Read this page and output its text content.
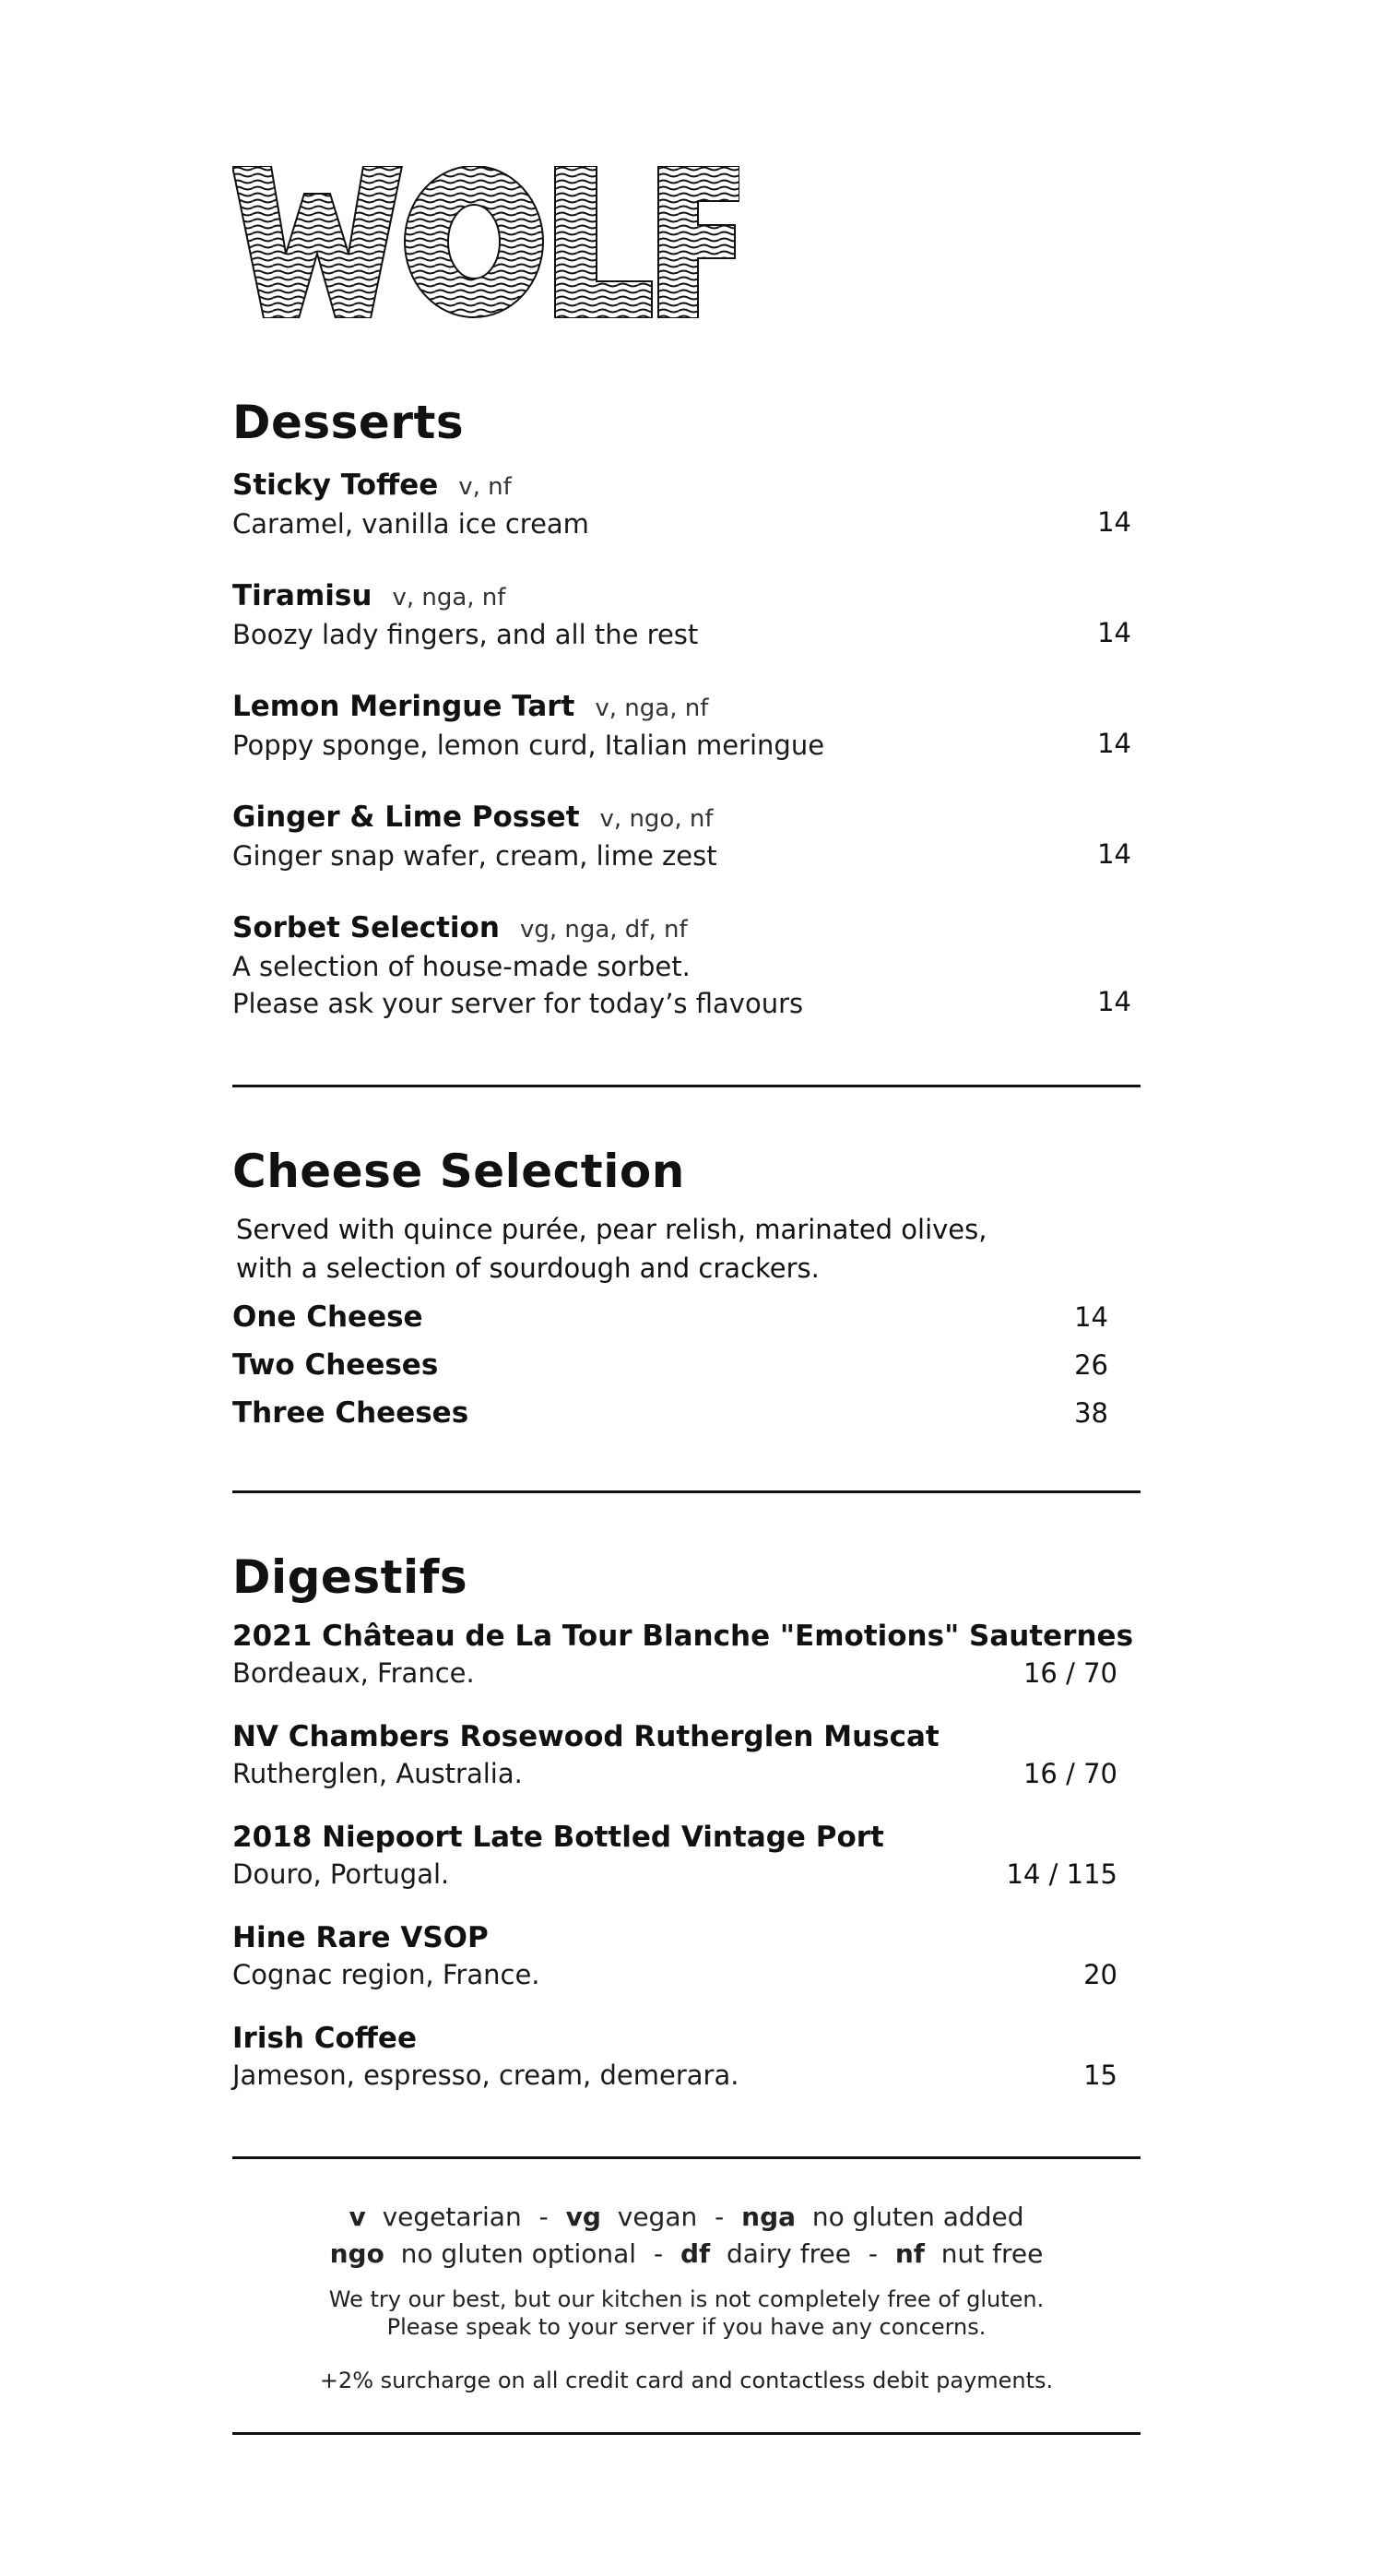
Desserts
Sticky Toffee v, nf
Caramel, vanilla ice cream	14
Tiramisu v, nga, nf
Boozy lady fingers, and all the rest	14
Lemon Meringue Tart v, nga, nf
Poppy sponge, lemon curd, Italian meringue	14
Ginger & Lime Posset v, ngo, nf
Ginger snap wafer, cream, lime zest	14
Sorbet Selection vg, nga, df, nf
A selection of house-made sorbet.
Please ask your server for today’s flavours	14
Cheese Selection
Served with quince purée, pear relish, marinated olives,
with a selection of sourdough and crackers.
One Cheese	14
Two Cheeses	26
Three Cheeses	38
Digestifs
2021 Château de La Tour Blanche "Emotions" Sauternes
Bordeaux, France.	16 / 70
NV Chambers Rosewood Rutherglen Muscat
Rutherglen, Australia.	16 / 70
2018 Niepoort Late Bottled Vintage Port
Douro, Portugal.	14 / 115
Hine Rare VSOP
Cognac region, France.	20
Irish Coffee
Jameson, espresso, cream, demerara.	15
v vegetarian - vg vegan - nga no gluten added
ngo no gluten optional - df dairy free - nf nut free
We try our best, but our kitchen is not completely free of gluten.
Please speak to your server if you have any concerns.
+2% surcharge on all credit card and contactless debit payments.
